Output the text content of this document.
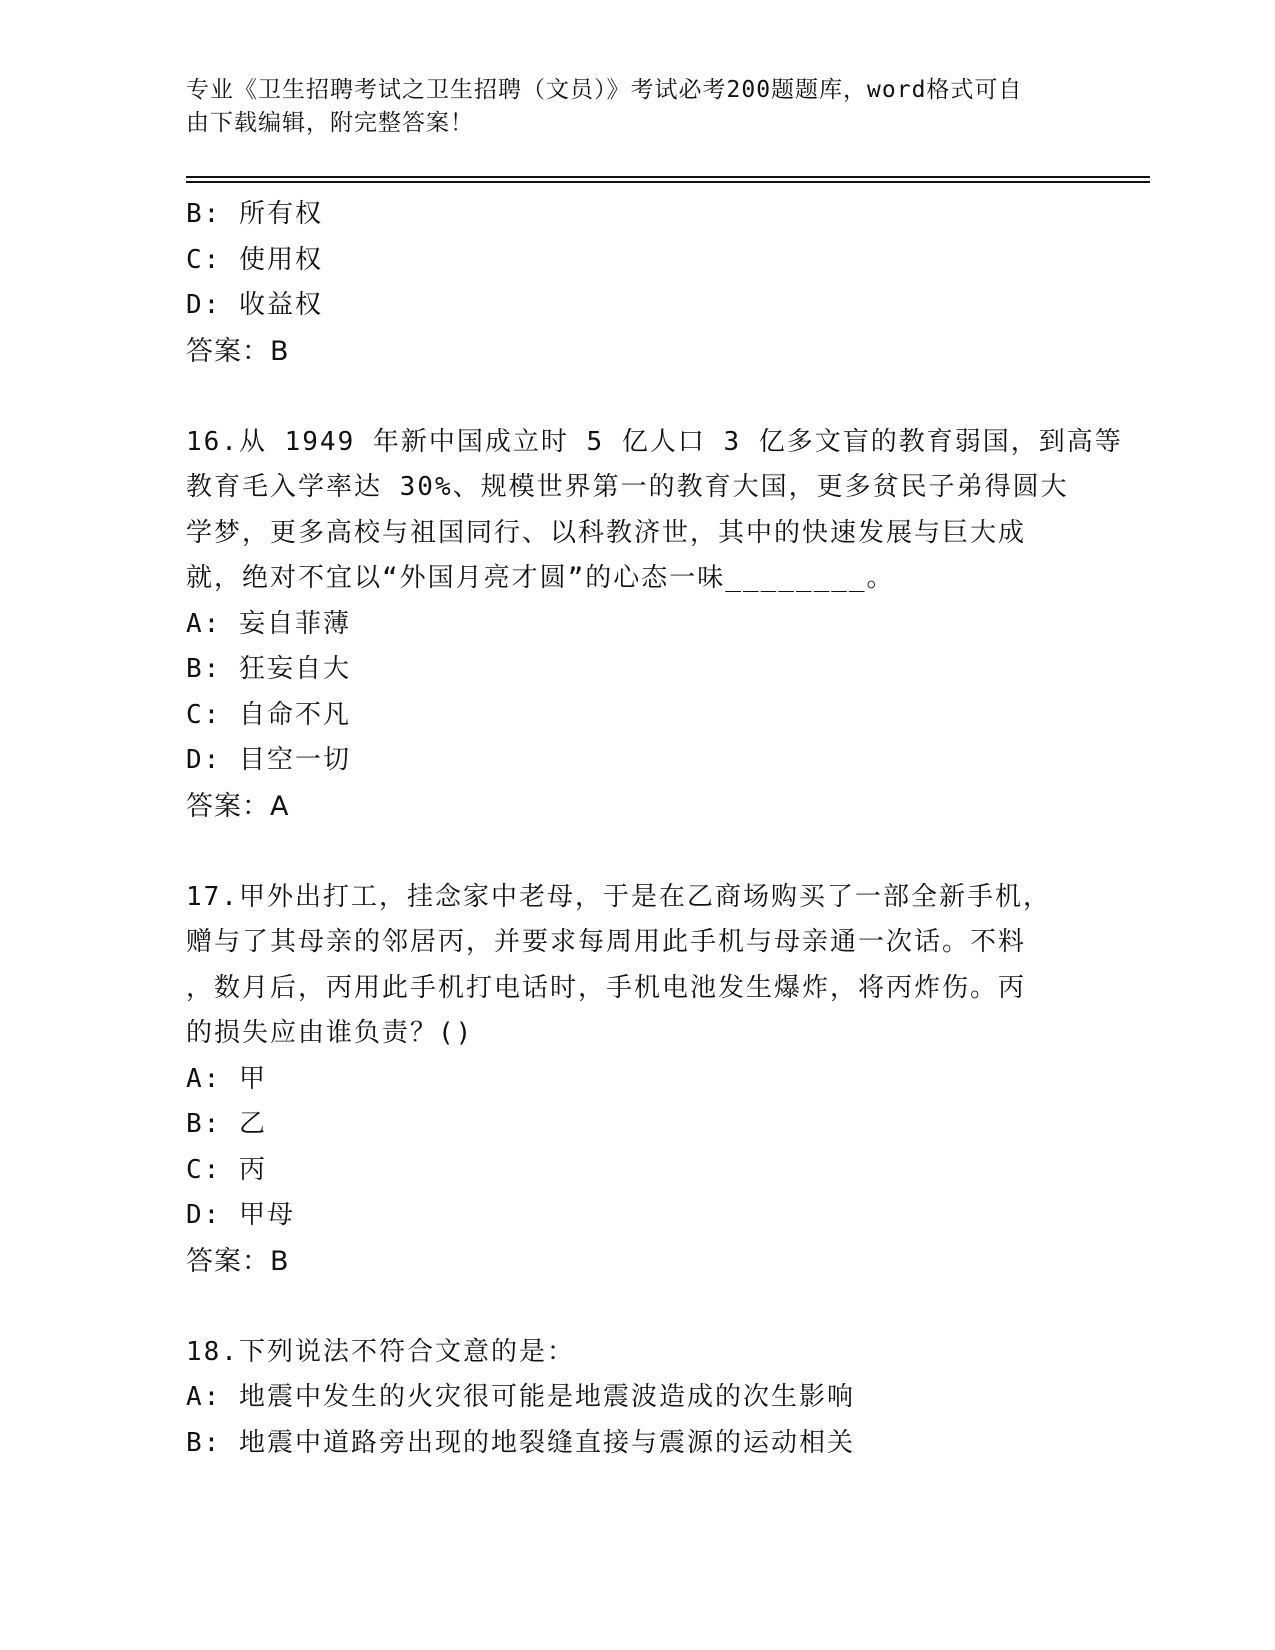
专业《卫生招聘考试之卫生招聘（文员）》考试必考200题题库，word格式可自
由下载编辑，附完整答案！
B: 所有权
C: 使用权
D: 收益权
答案：B
16.从 1949 年新中国成立时 5 亿人口 3 亿多文盲的教育弱国，到高等
教育毛入学率达 30%、规模世界第一的教育大国，更多贫民子弟得圆大
学梦，更多高校与祖国同行、以科教济世，其中的快速发展与巨大成
就，绝对不宜以“外国月亮才圆”的心态一味________。
A: 妄自菲薄
B: 狂妄自大
C: 自命不凡
D: 目空一切
答案：A
17.甲外出打工，挂念家中老母，于是在乙商场购买了一部全新手机，
赠与了其母亲的邻居丙，并要求每周用此手机与母亲通一次话。不料
，数月后，丙用此手机打电话时，手机电池发生爆炸，将丙炸伤。丙
的损失应由谁负责？()
A: 甲
B: 乙
C: 丙
D: 甲母
答案：B
18.下列说法不符合文意的是：
A: 地震中发生的火灾很可能是地震波造成的次生影响
B: 地震中道路旁出现的地裂缝直接与震源的运动相关
